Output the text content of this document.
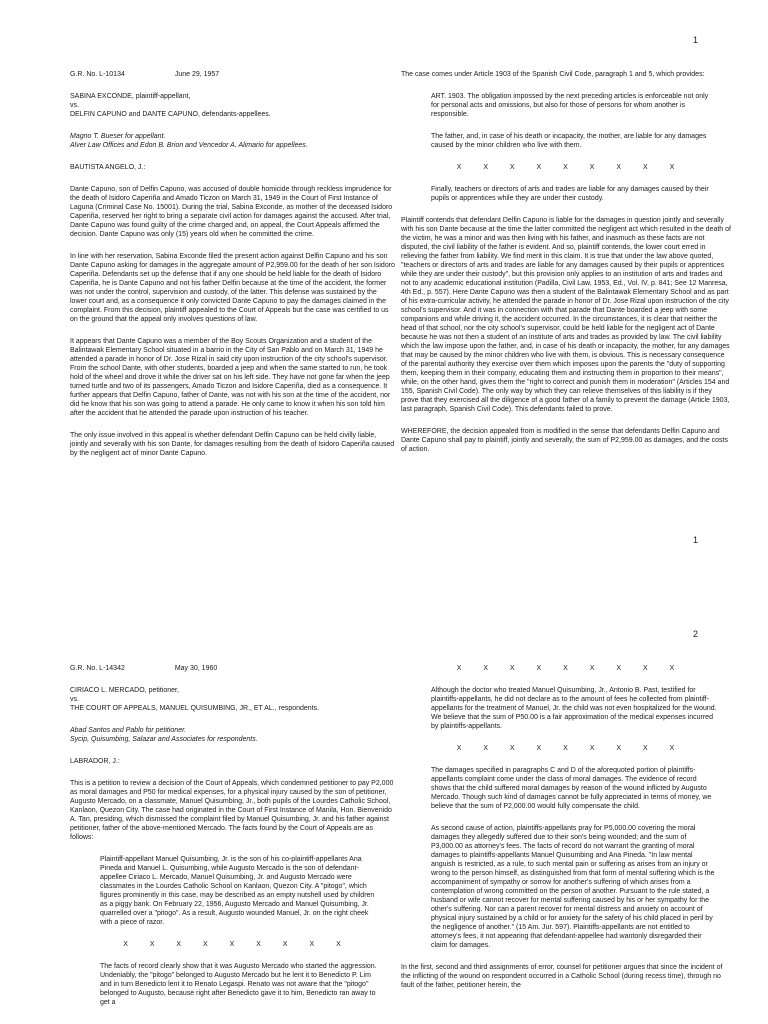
1
G.R. No. L-10134	June 29, 1957
SABINA EXCONDE, plaintiff-appellant,
vs.
DELFIN CAPUNO and DANTE CAPUNO, defendants-appellees.
Magno T. Bueser for appellant.
Alver Law Offices and Edon B. Brion and Vencedor A. Alimario for appellees.
BAUTISTA ANGELO, J.:

Dante Capuno, son of Delfin Capuno, was accused of double homicide through reckless imprudence for the death of Isidoro Caperiña and Amado Ticzon on March 31, 1949 in the Court of First Instance of Laguna (Criminal Case No. 15001). During the trial, Sabina Exconde, as mother of the deceased Isidoro Caperiña, reserved her right to bring a separate civil action for damages against the accused. After trial, Dante Capuno was found guilty of the crime charged and, on appeal, the Court Appeals affirmed the decision. Dante Capuno was only (15) years old when he committed the crime.

In line with her reservation, Sabina Exconde filed the present action against Delfin Capuno and his son Dante Capuno asking for damages in the aggregate amount of P2,959.00 for the death of her son Isidoro Caperiña. Defendants set up the defense that if any one should be held liable for the death of Isidoro Caperiña, he is Dante Capuno and not his father Delfin because at the time of the accident, the former was not under the control, supervision and custody, of the latter. This defense was sustained by the lower court and, as a consequence it only convicted Dante Capuno to pay the damages claimed in the complaint. From this decision, plaintiff appealed to the Court of Appeals but the case was certified to us on the ground that the appeal only involves questions of law.

It appears that Dante Capuno was a member of the Boy Scouts Organization and a student of the Balintawak Elementary School situated in a barrio in the City of San Pablo and on March 31, 1949 he attended a parade in honor of Dr. Jose Rizal in said city upon instruction of the city school's supervisor. From the school Dante, with other students, boarded a jeep and when the same started to run, he took hold of the wheel and drove it while the driver sat on his left side. They have not gone far when the jeep turned turtle and two of its passengers, Amado Ticzon and Isidore Caperiña, died as a consequence. It further appears that Delfin Capuno, father of Dante, was not with his son at the time of the accident, nor did he know that his son was going to attend a parade. He only came to know it when his son told him after the accident that he attended the parade upon instruction of his teacher.

The only issue involved in this appeal is whether defendant Delfin Capuno can be held civilly liable, jointly and severally with his son Dante, for damages resulting from the death of Isidoro Caperiña caused by the negligent act of minor Dante Capuno.

The case comes under Article 1903 of the Spanish Civil Code, paragraph 1 and 5, which provides:

ART. 1903. The obligation impossed by the next preceding articles is enforceable not only for personal acts and omissions, but also for those of persons for whom another is responsible.

The father, and, in case of his death or incapacity, the mother, are liable for any damages caused by the minor children who live with them.

X X X X X X X X X

Finally, teachers or directors of arts and trades are liable for any damages caused by their pupils or apprentices while they are under their custody.

Plaintiff contends that defendant Delfin Capuno is liable for the damages in question jointly and severally with his son Dante because at the time the latter committed the negligent act which resulted in the death of the victim, he was a minor and was then living with his father, and inasmuch as these facts are not disputed, the civil liability of the father is evident. And so, plaintiff contends, the lower court erred in relieving the father from liability. We find merit in this claim. It is true that under the law above quoted, "teachers or directors of arts and trades are liable for any damages caused by their pupils or apprentices while they are under their custody", but this provision only applies to an institution of arts and trades and not to any academic educational institution (Padilla, Civil Law, 1953, Ed., Vol. IV, p. 841; See 12 Manresa, 4th Ed., p. 557). Here Dante Capuno was then a student of the Balintawak Elementary School and as part of his extra-curricular activity, he attended the parade in honor of Dr. Jose Rizal upon instruction of the city school's supervisor. And it was in connection with that parade that Dante boarded a jeep with some companions and while driving it, the accident occurred. In the circumstances, it is clear that neither the head of that school, nor the city school's supervisor, could be held liable for the negligent act of Dante because he was not then a student of an institute of arts and trades as provided by law. The civil liability which the law impose upon the father, and, in case of his death or incapacity, the mother, for any damages that may be caused by the minor children who live with them, is obvious. This is necessary consequence of the parental authority they exercise over them which imposes upon the parents the "duty of supporting them, keeping them in their company, educating them and instructing them in proportion to their means", while, on the other hand, gives them the "right to correct and punish them in moderation" (Articles 154 and 155, Spanish Civil Code). The only way by which they can relieve themselves of this liability is if they prove that they exercised all the diligence of a good father of a family to prevent the damage (Article 1903, last paragraph, Spanish Civil Code). This defendants failed to prove.

WHEREFORE, the decision appealed from is modified in the sense that defendants Delfin Capuno and Dante Capuno shall pay to plaintiff, jointly and severally, the sum of P2,959.00 as damages, and the costs of action.

1
2
G.R. No. L-14342	May 30, 1960
CIRIACO L. MERCADO, petitioner,
vs.
THE COURT OF APPEALS, MANUEL QUISUMBING, JR., ET AL., respondents.
Abad Santos and Pablo for petitioner.
Sycip, Quisumbing, Salazar and Associates for respondents.
LABRADOR, J.:

This is a petition to review a decision of the Court of Appeals, which condemned petitioner to pay P2,000 as moral damages and P50 for medical expenses, for a physical injury caused by the son of petitioner, Augusto Mercado, on a classmate, Manuel Quisumbing, Jr., both pupils of the Lourdes Catholic School, Kanlaon, Quezon City. The case had originated in the Court of First Instance of Manila, Hon. Bienvenido A. Tan, presiding, which dismissed the complaint filed by Manuel Quisumbing, Jr. and his father against petitioner, father of the above-mentioned Mercado. The facts found by the Court of Appeals are as follows:

Plaintiff-appellant Manuel Quisumbing, Jr. is the son of his co-plaintiff-appellants Ana Pineda and Manuel L. Quisumbing, while Augusto Mercado is the son of defendant-appellee Ciriaco L. Mercado, Manuel Quisumbing, Jr. and Augusto Mercado were classmates in the Lourdes Catholic School on Kanlaon, Quezon City. A "pitogo", which figures prominently in this case, may be described as an empty nutshell used by children as a piggy bank. On February 22, 1956, Augusto Mercado and Manuel Quisumbing, Jr. quarrelled over a "pitogo". As a result, Augusto wounded Manuel, Jr. on the right cheek with a piece of razor.

X X X X X X X X X

The facts of record clearly show that it was Augusto Mercado who started the aggression. Undeniably, the "pitogo" belonged to Augusto Mercado but he lent it to Benedicto P. Lim and in turn Benedicto lent it to Renato Legaspi. Renato was not aware that the "pitogo" belonged to Augusto, because right after Benedicto gave it to him, Benedicto ran away to get a

X X X X X X X X X

Although the doctor who treated Manuel Quisumbing, Jr., Antonio B. Past, testified for plaintiffs-appellants, he did not declare as to the amount of fees he collected from plaintiff-appellants for the treatment of Manuel, Jr. the child was not even hospitalized for the wound. We believe that the sum of P50.00 is a fair approximation of the medical expenses incurred by plaintiffs-appellants.

X X X X X X X X X

The damages specified in paragraphs C and D of the aforequoted portion of plaintiffs-appellants complaint come under the class of moral damages. The evidence of record shows that the child suffered moral damages by reason of the wound inflicted by Augusto Mercado. Though such kind of damages cannot be fully appreciated in terms of money, we believe that the sum of P2,000.00 would fully compensate the child.

As second cause of action, plaintiffs-appellants pray for P5,000.00 covering the moral damages they allegedly suffered due to their son's being wounded; and the sum of P3,000.00 as attorney's fees. The facts of record do not warrant the granting of moral damages to plaintiffs-appellants Manuel Quisumbing and Ana Pineda. "In law mental anguish is restricted, as a rule, to such mental pain or suffering as arises from an injury or wrong to the person himself, as distinguished from that form of mental suffering which is the accompaniment of sympathy or sorrow for another's suffering of which arises from a contemplation of wrong committed on the person of another. Pursuant to the rule stated, a husband or wife cannot recover for mental suffering caused by his or her sympathy for the other's suffering. Nor can a parent recover for mental distress and anxiety on account of physical injury sustained by a child or for anxiety for the safety of his child placed in peril by the negligence of another." (15 Am. Jur. 597). Plaintiffs-appellants are not entitled to attorney's fees, it not appearing that defendant-appellee had wantonly disregarded their claim for damages.

In the first, second and third assignments of error, counsel for petitioner argues that since the incident of the inflicting of the wound on respondent occurred in a Catholic School (during recess time), through no fault of the father, petitioner herein, the
